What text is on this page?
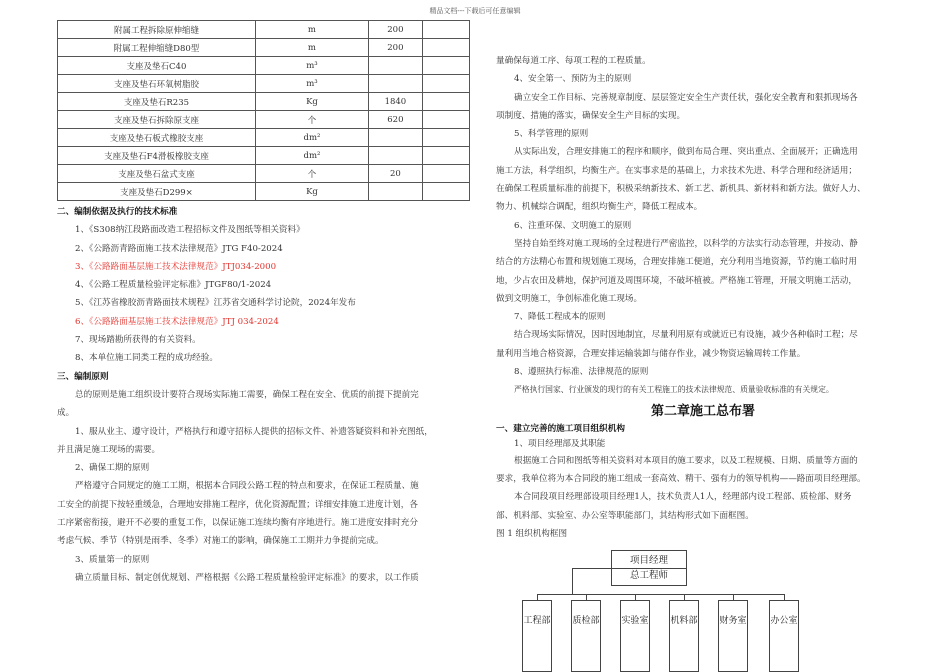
精品文档---下载后可任意编辑
附属工程拆除原伸缩缝	m	200	
附属工程伸缩缝D80型	m	200	
支座及垫石C40	m³		
支座及垫石环氧树脂胶	m³		
支座及垫石R235	Kg	1840	
支座及垫石拆除原支座	个	620	
支座及垫石板式橡胶支座	dm²		
支座及垫石F4滑板橡胶支座	dm²		
支座及垫石盆式支座	个	20	
支座及垫石D299×	Kg		
二、编制依据及执行的技术标准
1、《S308纳江段路面改造工程招标文件及图纸等相关资料》
2、《公路沥青路面施工技术法律规范》JTG F40-2024
3、《公路路面基层施工技术法律规范》JTJ034-2000
4、《公路工程质量检验评定标准》JTGF80/1-2024
5、《江苏省橡胶沥青路面技术规程》江苏省交通科学讨论院，2024年发布
6、《公路路面基层施工技术法律规范》JTJ 034-2024
7、现场踏勘所获得的有关资料。
8、本单位施工同类工程的成功经验。
三、编制原则
总的原则是施工组织设计要符合现场实际施工需要，确保工程在安全、优质的前提下提前完
成。
1、服从业主、遵守设计，严格执行和遵守招标人提供的招标文件、补遗答疑资料和补充图纸，
并且满足施工现场的需要。
2、确保工期的原则
严格遵守合同规定的施工工期，根据本合同段公路工程的特点和要求，在保证工程质量、施
工安全的前提下按轻重缓急，合理地安排施工程序，优化资源配置；详细安排施工进度计划，各
工序紧密衔接，避开不必要的重复工作，以保证施工连续均衡有序地进行。施工进度安排时充分
考虑气候、季节（特别是雨季、冬季）对施工的影响，确保施工工期并力争提前完成。
3、质量第一的原则
确立质量目标、制定创优规划、严格根据《公路工程质量检验评定标准》的要求，以工作质
量确保每道工序、每项工程的工程质量。
4、安全第一、预防为主的原则
确立安全工作目标、完善规章制度、层层签定安全生产责任状，强化安全教育和狠抓现场各
项制度、措施的落实，确保安全生产目标的实现。
5、科学管理的原则
从实际出发，合理安排施工的程序和顺序，做到布局合理、突出重点、全面展开；正确选用
施工方法，科学组织，均衡生产。在实事求是的基础上，力求技术先进、科学合理和经济适用；
在确保工程质量标准的前提下，积极采纳新技术、新工艺、新机具、新材料和新方法。做好人力、
物力、机械综合调配，组织均衡生产，降低工程成本。
6、注重环保、文明施工的原则
坚持自始至终对施工现场的全过程进行严密监控，以科学的方法实行动态管理，并按动、静
结合的方法精心布置和规划施工现场，合理安排施工便道，充分利用当地资源，节约施工临时用
地，少占农田及耕地，保护河道及周围环境，不破坏植被。严格施工管理，开展文明施工活动，
做到文明施工，争创标准化施工现场。
7、降低工程成本的原则
结合现场实际情况，因时因地制宜，尽量利用原有或就近已有设施，减少各种临时工程；尽
量利用当地合格资源，合理安排运输装卸与储存作业，减少物资运输周转工作量。
8、遵照执行标准、法律规范的原则
严格执行国家、行业颁发的现行的有关工程施工的技术法律规范、质量验收标准的有关规定。
第二章施工总布署
一、建立完善的施工项目组织机构
1、项目经理部及其职能
根据施工合同和图纸等相关资料对本项目的施工要求，以及工程规模、日期、质量等方面的
要求，我单位将为本合同段的施工组成一套高效、精干、强有力的领导机构——路面项目经理部。
本合同段项目经理部设项目经理1人，技术负责人1人，经理部内设工程部、质检部、财务
部、机料部、实验室、办公室等职能部门，其结构形式如下面框图。
图 1 组织机构框图
项目经理
总工程师
工程部 质检部 实验室 机料部 财务室	办公室
